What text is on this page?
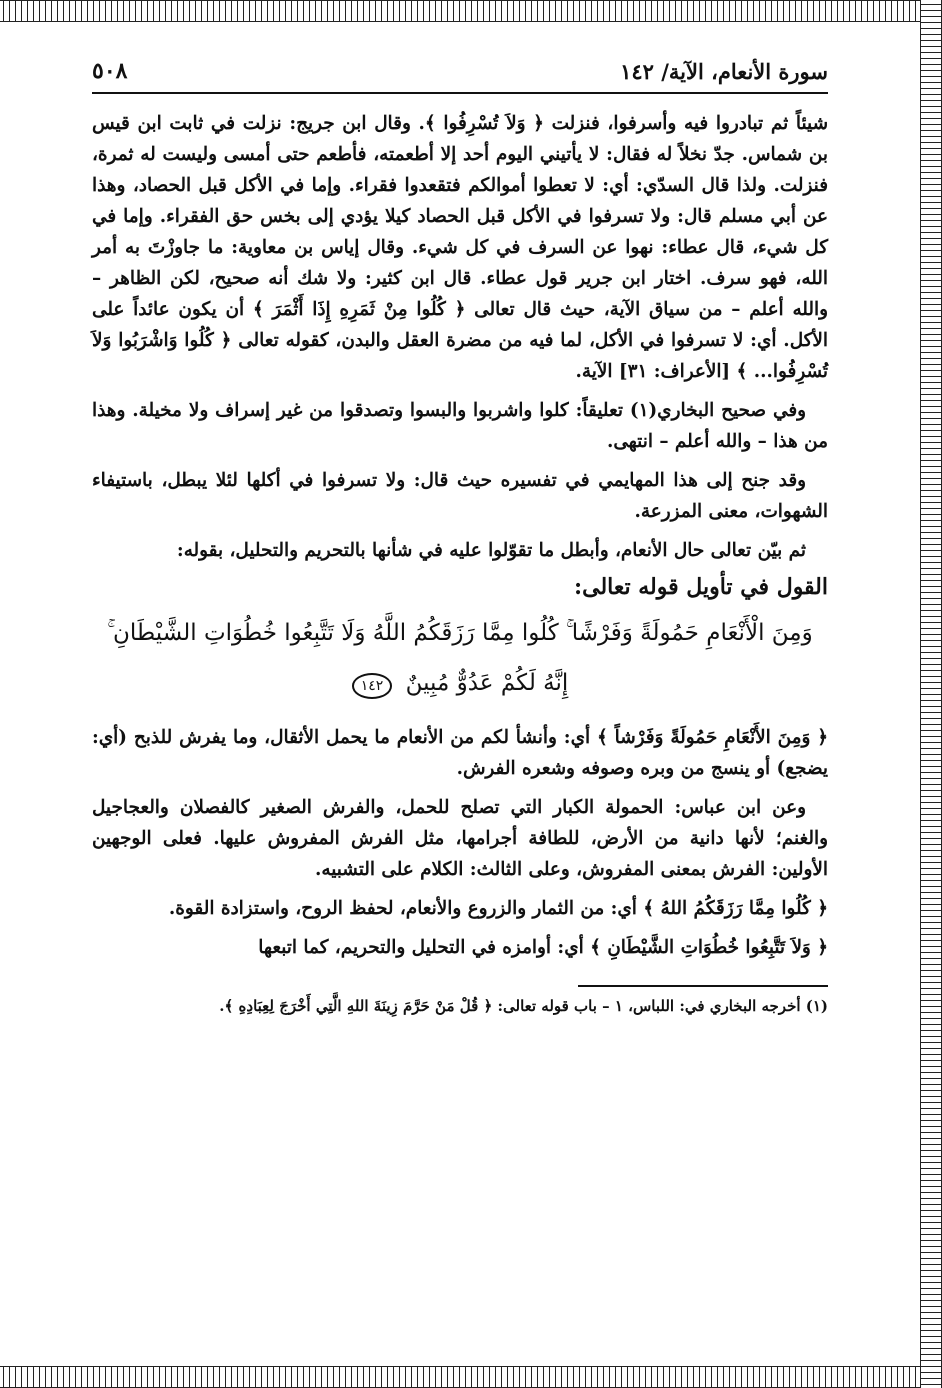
سورة الأنعام، الآية/ ١٤٢
٥٠٨

شيئاً ثم تبادروا فيه وأسرفوا، فنزلت ﴿ وَلاَ تُسْرِفُوا ﴾. وقال ابن جريج: نزلت في ثابت ابن قيس بن شماس. جدّ نخلاً له فقال: لا يأتيني اليوم أحد إلا أطعمته، فأطعم حتى أمسى وليست له ثمرة، فنزلت. ولذا قال السدّي: أي: لا تعطوا أموالكم فتقعدوا فقراء. وإما في الأكل قبل الحصاد، وهذا عن أبي مسلم قال: ولا تسرفوا في الأكل قبل الحصاد كيلا يؤدي إلى بخس حق الفقراء. وإما في كل شيء، قال عطاء: نهوا عن السرف في كل شيء. وقال إياس بن معاوية: ما جاوزْتَ به أمر الله، فهو سرف. اختار ابن جرير قول عطاء. قال ابن كثير: ولا شك أنه صحيح، لكن الظاهر – والله أعلم – من سياق الآية، حيث قال تعالى ﴿ كُلُوا مِنْ ثَمَرِهِ إِذَا أَثْمَرَ ﴾ أن يكون عائداً على الأكل. أي: لا تسرفوا في الأكل، لما فيه من مضرة العقل والبدن، كقوله تعالى ﴿ كُلُوا وَاشْرَبُوا وَلاَ تُسْرِفُوا... ﴾ [الأعراف: ٣١] الآية.

وفي صحيح البخاري(١) تعليقاً: كلوا واشربوا والبسوا وتصدقوا من غير إسراف ولا مخيلة. وهذا من هذا – والله أعلم – انتهى.

وقد جنح إلى هذا المهايمي في تفسيره حيث قال: ولا تسرفوا في أكلها لئلا يبطل، باستيفاء الشهوات، معنى المزرعة.

ثم بيّن تعالى حال الأنعام، وأبطل ما تقوّلوا عليه في شأنها بالتحريم والتحليل، بقوله:

القول في تأويل قوله تعالى:
وَمِنَ الْأَنْعَامِ حَمُولَةً وَفَرْشًا ۚ كُلُوا مِمَّا رَزَقَكُمُ اللَّهُ وَلَا تَتَّبِعُوا خُطُوَاتِ الشَّيْطَانِ ۚ إِنَّهُ لَكُمْ عَدُوٌّ مُبِينٌ ١٤٢

﴿ وَمِنَ الأَنْعَامِ حَمُولَةً وَفَرْشاً ﴾ أي: وأنشأ لكم من الأنعام ما يحمل الأثقال، وما يفرش للذبح (أي: يضجع) أو ينسج من وبره وصوفه وشعره الفرش.

وعن ابن عباس: الحمولة الكبار التي تصلح للحمل، والفرش الصغير كالفصلان والعجاجيل والغنم؛ لأنها دانية من الأرض، للطافة أجرامها، مثل الفرش المفروش عليها. فعلى الوجهين الأولين: الفرش بمعنى المفروش، وعلى الثالث: الكلام على التشبيه.

﴿ كُلُوا مِمَّا رَزَقَكُمُ اللهُ ﴾ أي: من الثمار والزروع والأنعام، لحفظ الروح، واستزادة القوة.

﴿ وَلاَ تَتَّبِعُوا خُطُوَاتِ الشَّيْطَانِ ﴾ أي: أوامزه في التحليل والتحريم، كما اتبعها

(١) أخرجه البخاري في: اللباس، ١ – باب قوله تعالى: ﴿ قُلْ مَنْ حَرَّمَ زِينَةَ اللهِ الَّتِي أَخْرَجَ لِعِبَادِهِ ﴾.
